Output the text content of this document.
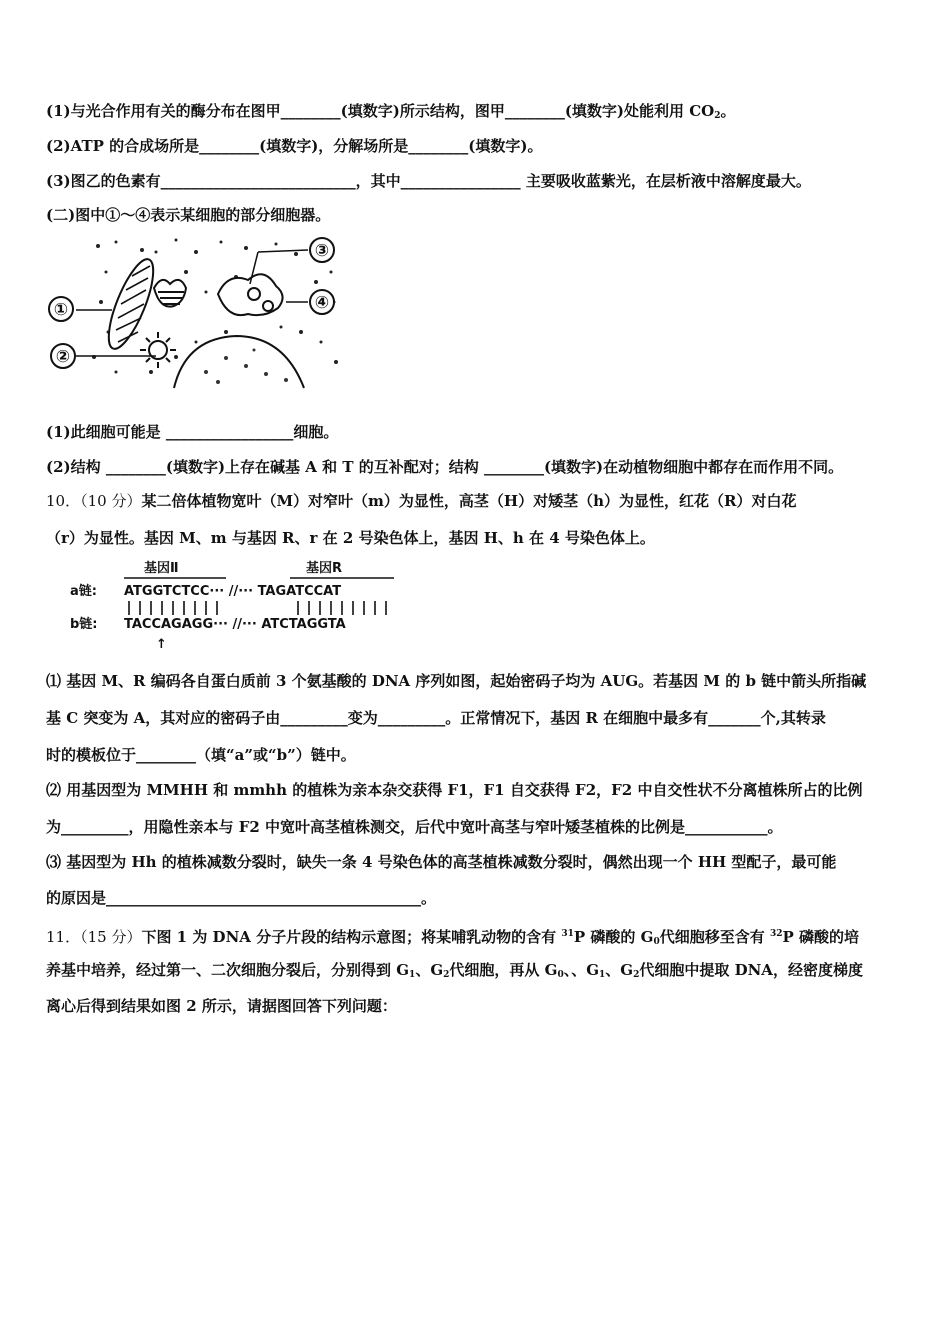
(1)与光合作用有关的酶分布在图甲________(填数字)所示结构，图甲________(填数字)处能利用 $CO_2$。
(2)ATP 的合成场所是________(填数字)，分解场所是________(填数字)。
(3)图乙的色素有__________________________，其中________________ 主要吸收蓝紫光，在层析液中溶解度最大。
(二)图中①～④表示某细胞的部分细胞器。
①
②
③
④
(1)此细胞可能是 _________________细胞。
(2)结构 ________(填数字)上存在碱基 A 和 T 的互补配对；结构 ________(填数字)在动植物细胞中都存在而作用不同。
10．（10 分）某二倍体植物宽叶（M）对窄叶（m）为显性，高茎（H）对矮茎（h）为显性，红花（R）对白花
（r）为显性。基因 M、m 与基因 R、r 在 2 号染色体上，基因 H、h 在 4 号染色体上。
基因Ⅱ	基因R
a链: ATGGTCTCC··· //··· TAGATCCAT
b链: TACCAGAGG··· //··· ATCTAGGTA
↑
⑴ 基因 M、R 编码各自蛋白质前 3 个氨基酸的 DNA 序列如图，起始密码子均为 AUG。若基因 M 的 b 链中箭头所指碱
基 C 突变为 A，其对应的密码子由_________变为_________。正常情况下，基因 R 在细胞中最多有_______个,其转录
时的模板位于________（填“a”或“b”）链中。
⑵ 用基因型为 MMHH 和 mmhh 的植株为亲本杂交获得 F1，F1 自交获得 F2，F2 中自交性状不分离植株所占的比例
为_________，用隐性亲本与 F2 中宽叶高茎植株测交，后代中宽叶高茎与窄叶矮茎植株的比例是___________。
⑶ 基因型为 Hh 的植株减数分裂时，缺失一条 4 号染色体的高茎植株减数分裂时，偶然出现一个 HH 型配子，最可能
的原因是__________________________________________。
11．（15 分）下图 1 为 DNA 分子片段的结构示意图；将某哺乳动物的含有 $^{31}$P 磷酸的 $G_0$代细胞移至含有 $^{32}$P 磷酸的培
养基中培养，经过第一、二次细胞分裂后，分别得到 $G_1$、$G_2$代细胞，再从 $G_0$、、$G_1$、$G_2$代细胞中提取 DNA，经密度梯度
离心后得到结果如图 2 所示，请据图回答下列问题：
